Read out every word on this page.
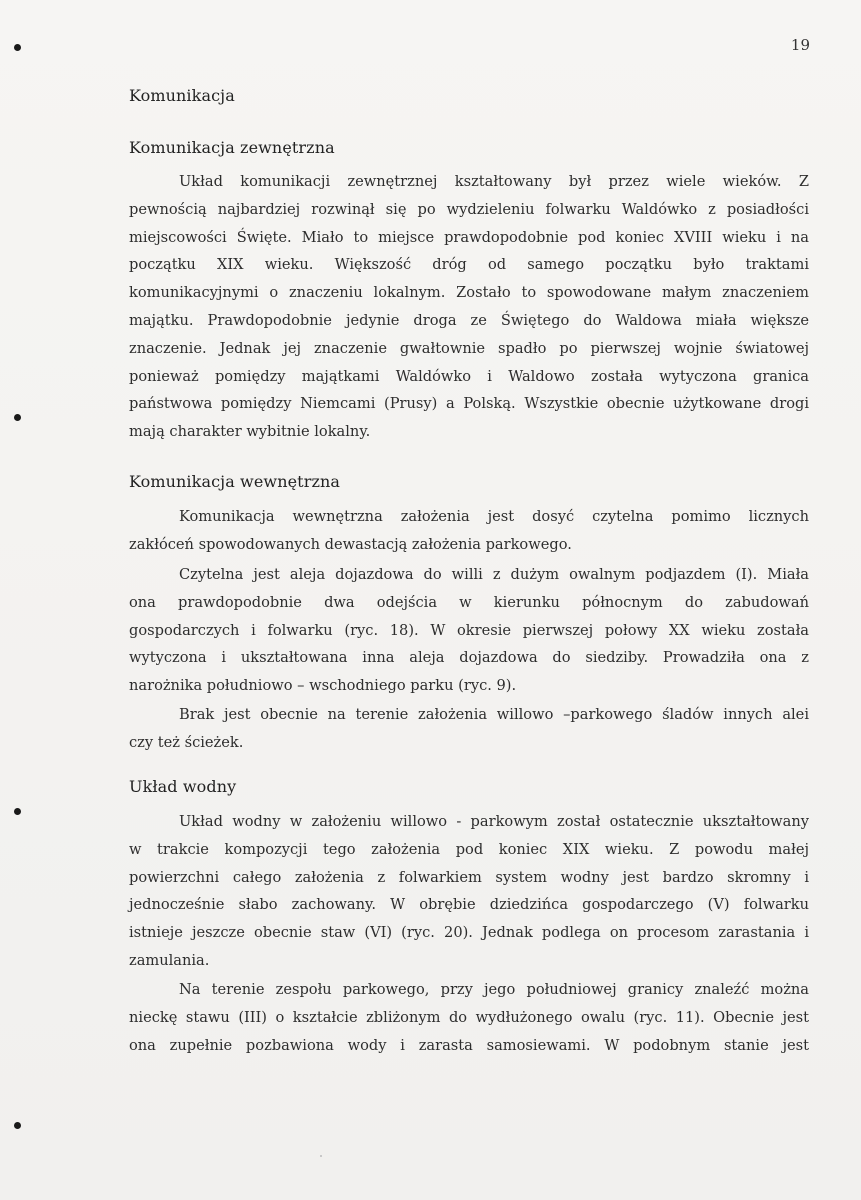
19
Komunikacja
Komunikacja zewnętrzna
Układ komunikacji zewnętrznej kształtowany był przez wiele wieków. Z
pewnością najbardziej rozwinął się po wydzieleniu folwarku Waldówko z posiadłości
miejscowości Święte. Miało to miejsce prawdopodobnie pod koniec XVIII wieku i na
początku XIX wieku. Większość dróg od samego początku było traktami
komunikacyjnymi o znaczeniu lokalnym. Zostało to spowodowane małym znaczeniem
majątku. Prawdopodobnie jedynie droga ze Świętego do Waldowa miała większe
znaczenie. Jednak jej znaczenie gwałtownie spadło po pierwszej wojnie światowej
ponieważ pomiędzy majątkami Waldówko i Waldowo została wytyczona granica
państwowa pomiędzy Niemcami (Prusy) a Polską. Wszystkie obecnie użytkowane drogi
mają charakter wybitnie lokalny.
Komunikacja wewnętrzna
Komunikacja wewnętrzna założenia jest dosyć czytelna pomimo licznych
zakłóceń spowodowanych dewastacją założenia parkowego.
Czytelna jest aleja dojazdowa do willi z dużym owalnym podjazdem (I). Miała
ona prawdopodobnie dwa odejścia w kierunku północnym do zabudowań
gospodarczych i folwarku (ryc. 18). W okresie pierwszej połowy XX wieku została
wytyczona i ukształtowana inna aleja dojazdowa do siedziby. Prowadziła ona z
narożnika południowo – wschodniego parku (ryc. 9).
Brak jest obecnie na terenie założenia willowo –parkowego śladów innych alei
czy też ścieżek.
Układ wodny
Układ wodny w założeniu willowo - parkowym został ostatecznie ukształtowany
w trakcie kompozycji tego założenia pod koniec XIX wieku. Z powodu małej
powierzchni całego założenia z folwarkiem system wodny jest bardzo skromny i
jednocześnie słabo zachowany. W obrębie dziedzińca gospodarczego (V) folwarku
istnieje jeszcze obecnie staw (VI) (ryc. 20). Jednak podlega on procesom zarastania i
zamulania.
Na terenie zespołu parkowego, przy jego południowej granicy znaleźć można
nieckę stawu (III) o kształcie zbliżonym do wydłużonego owalu (ryc. 11). Obecnie jest
ona zupełnie pozbawiona wody i zarasta samosiewami. W podobnym stanie jest
